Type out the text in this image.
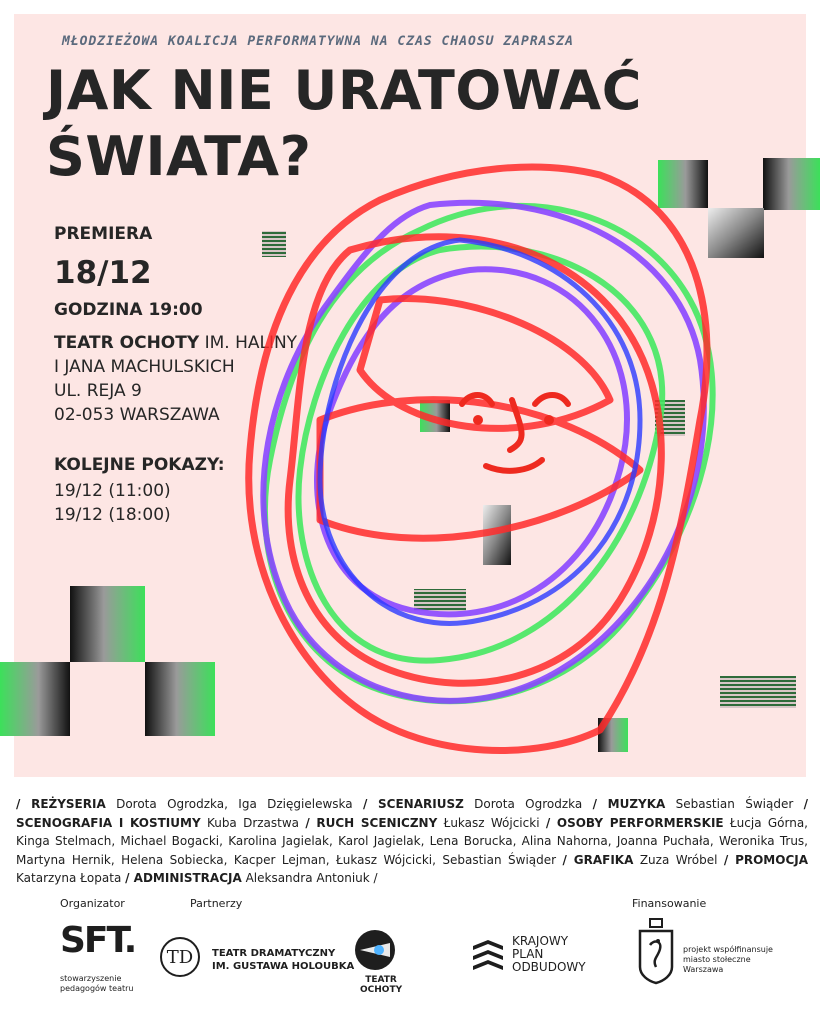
MŁODZIEŻOWA KOALICJA PERFORMATYWNA NA CZAS CHAOSU ZAPRASZA
JAK NIE URATOWAĆ
ŚWIATA?
PREMIERA
18/12
GODZINA 19:00
TEATR OCHOTY IM. HALINY
I JANA MACHULSKICH
UL. REJA 9
02-053 WARSZAWA
KOLEJNE POKAZY:
19/12 (11:00)
19/12 (18:00)
/ REŻYSERIA Dorota Ogrodzka, Iga Dzięgielewska / SCENARIUSZ Dorota Ogrodzka / MUZYKA Sebastian Świąder / SCENOGRAFIA I KOSTIUMY Kuba Drzastwa / RUCH SCENICZNY Łukasz Wójcicki / OSOBY PERFORMERSKIE Łucja Górna, Kinga Stelmach, Michael Bogacki, Karolina Jagielak, Karol Jagielak, Lena Borucka, Alina Nahorna, Joanna Puchała, Weronika Trus, Martyna Hernik, Helena Sobiecka, Kacper Lejman, Łukasz Wójcicki, Sebastian Świąder / GRAFIKA Zuza Wróbel / PROMOCJA Katarzyna Łopata / ADMINISTRACJA Aleksandra Antoniuk /
Organizator	Partnerzy	Finansowanie
SFT.
stowarzyszenie
pedagogów teatru
TD	TEATR DRAMATYCZNY
IM. GUSTAWA HOLOUBKA
TEATR
OCHOTY
KRAJOWY
PLAN
ODBUDOWY
projekt współfinansuje
miasto stołeczne
Warszawa
